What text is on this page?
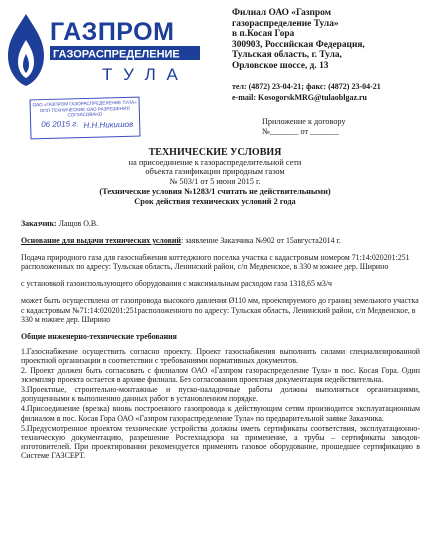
ГАЗПРОМ
ГАЗОРАСПРЕДЕЛЕНИЕ
Т У Л А
Филиал ОАО «Газпром
газораспределение Тула»
в п.Косая Гора
300903, Российская Федерация,
Тульская область, г. Тула,
Орловское шоссе, д. 13
тел: (4872) 23-04-21; факс: (4872) 23-04-21
e-mail: KosogorskMRG@tulaoblgaz.ru
ОАО «ГАЗПРОМ ГАЗОРАСПРЕДЕЛЕНИЕ ТУЛА»
ОПП ТЕХНИЧЕСКИЕ ОАО РАЗРЕШЕНИЯ
СОГЛАСОВАНО
06 2015 г. Н.Н.Никишов	Приложение к договору
№_______ от _______
ТЕХНИЧЕСКИЕ УСЛОВИЯ
на присоединение к газораспределительной сети
объекта газификации природным газом
№ 503/1 от 5 июня 2015 г.
(Технические условия №1283/1 считать не действительными)
Срок действия технических условий 2 года

Заказчик: Лащов О.В.

Основание для выдачи технических условий: заявление Заказчика №902 от 15августа2014 г.

Подача природного газа для газоснабжения коттеджного поселка участка с кадастровым номером 71:14:020201:251 расположенных по адресу: Тульская область, Ленинский район, с/п Медвенское, в 330 м южнее дер. Ширино

с установкой газоиспользующего оборудования с максимальным расходом газа 1318,65 м3/ч

может быть осуществлена от газопровода высокого давления Ø110 мм, проектируемого до границ земельного участка с кадастровым №71:14:020201:251расположенного по адресу: Тульская область, Ленинский район, с/п Медвенское, в 330 м южнее дер. Ширино

Общие инженерно-технические требования

1.Газоснабжение осуществить согласно проекту. Проект газоснабжения выполнить силами специализированной проектной организации в соответствии с требованиями нормативных документов.

2. Проект должен быть согласовать с филиалом ОАО «Газпром газораспределение Тула» в пос. Косая Гора. Один экземпляр проекта остается в архиве филиала. Без согласования проектная документация недействительна.

3.Проектные, строительно-монтажные и пуско-наладочные работы должны выполняться организациями, допущенными к выполнению данных работ в установленном порядке.

4.Присоединение (врезка) вновь построенного газопровода к действующим сетям производится эксплуатационным филиалом в пос. Косая Гора ОАО «Газпром газораспределение Тула» по предварительной заявке Заказчика.

5.Предусмотренное проектом технические устройства должны иметь сертификаты соответствия, эксплуатационно-техническую документацию, разрешение Ростехнадзора на применение, а трубы – сертификаты заводов-изготовителей. При проектировании рекомендуется применять газовое оборудование, прошедшее сертификацию в Системе ГАЗСЕРТ.
